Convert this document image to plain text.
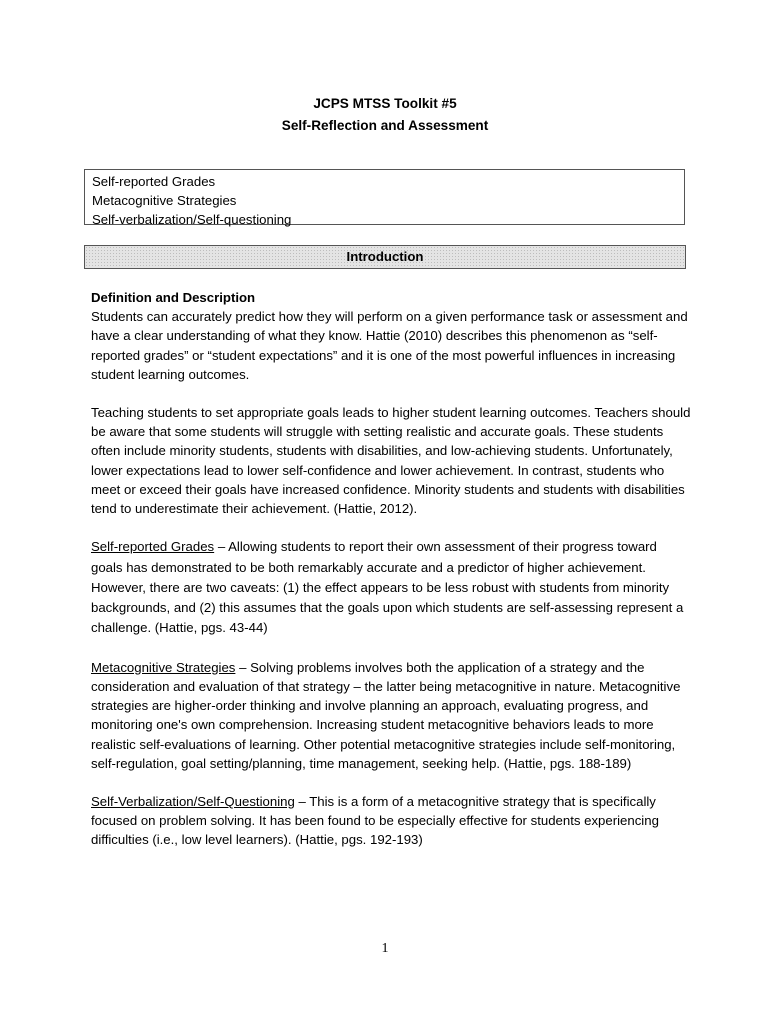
JCPS MTSS Toolkit #5
Self-Reflection and Assessment
Self-reported Grades
Metacognitive Strategies
Self-verbalization/Self-questioning
Introduction

Definition and Description
Students can accurately predict how they will perform on a given performance task or assessment and have a clear understanding of what they know. Hattie (2010) describes this phenomenon as “self-reported grades” or “student expectations” and it is one of the most powerful influences in increasing student learning outcomes.

Teaching students to set appropriate goals leads to higher student learning outcomes. Teachers should be aware that some students will struggle with setting realistic and accurate goals. These students often include minority students, students with disabilities, and low-achieving students. Unfortunately, lower expectations lead to lower self-confidence and lower achievement. In contrast, students who meet or exceed their goals have increased confidence. Minority students and students with disabilities tend to underestimate their achievement. (Hattie, 2012).

Self-reported Grades – Allowing students to report their own assessment of their progress toward goals has demonstrated to be both remarkably accurate and a predictor of higher achievement. However, there are two caveats: (1) the effect appears to be less robust with students from minority backgrounds, and (2) this assumes that the goals upon which students are self-assessing represent a challenge. (Hattie, pgs. 43-44)

Metacognitive Strategies – Solving problems involves both the application of a strategy and the consideration and evaluation of that strategy – the latter being metacognitive in nature. Metacognitive strategies are higher-order thinking and involve planning an approach, evaluating progress, and monitoring one's own comprehension. Increasing student metacognitive behaviors leads to more realistic self-evaluations of learning. Other potential metacognitive strategies include self-monitoring, self-regulation, goal setting/planning, time management, seeking help. (Hattie, pgs. 188-189)

Self-Verbalization/Self-Questioning – This is a form of a metacognitive strategy that is specifically focused on problem solving. It has been found to be especially effective for students experiencing difficulties (i.e., low level learners). (Hattie, pgs. 192-193)

1
